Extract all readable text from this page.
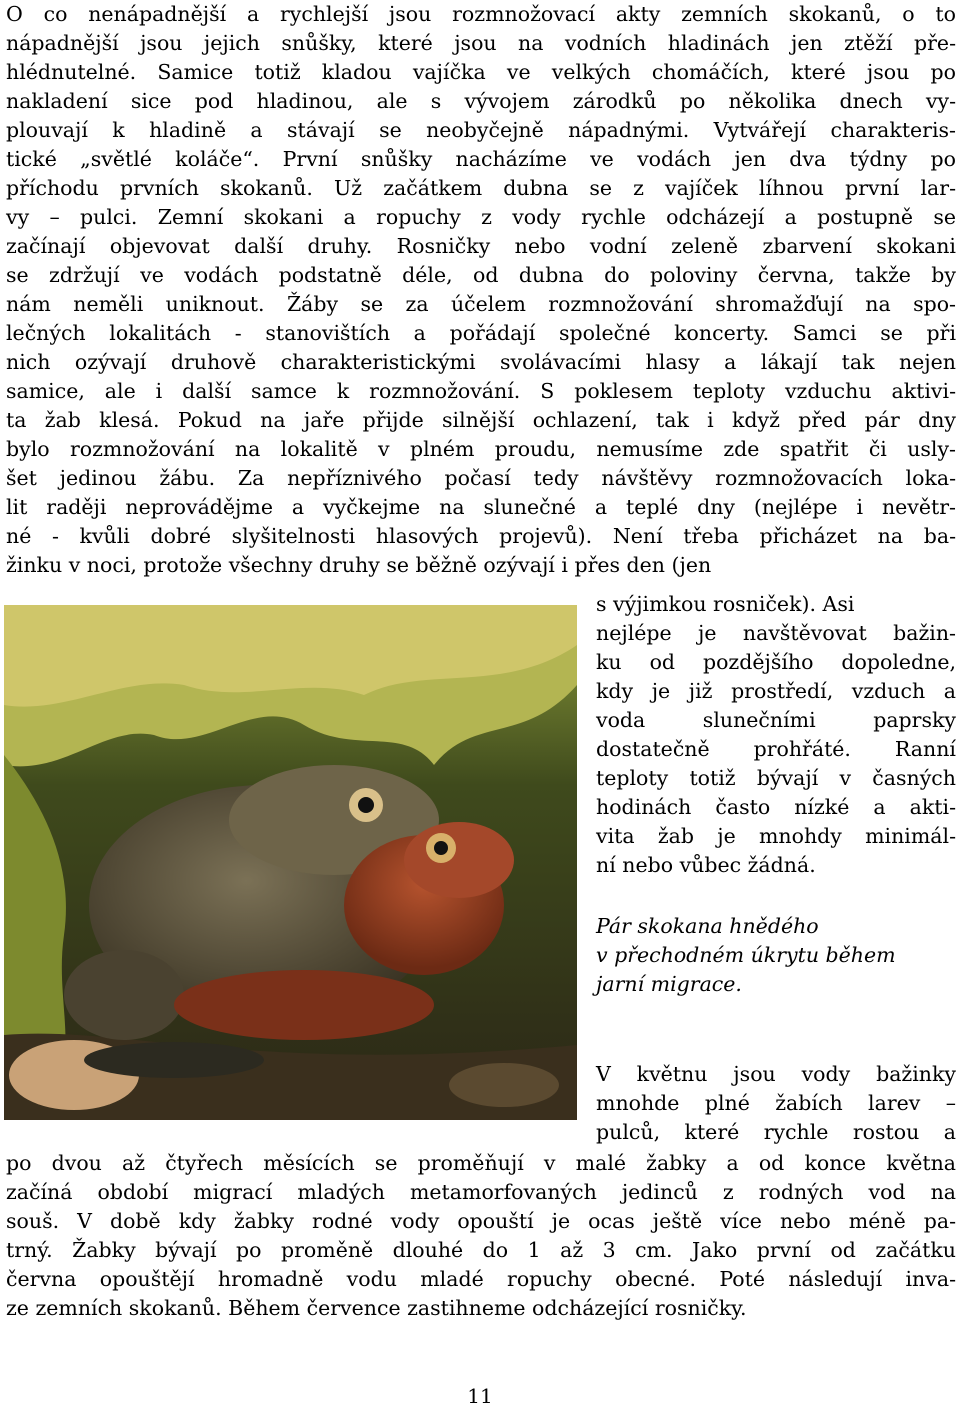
O co nenápadnější a rychlejší jsou rozmnožovací akty zemních skokanů, o to
nápadnější jsou jejich snůšky, které jsou na vodních hladinách jen ztěží pře-
hlédnutelné. Samice totiž kladou vajíčka ve velkých chomáčích, které jsou po
nakladení sice pod hladinou, ale s vývojem zárodků po několika dnech vy-
plouvají k hladině a stávají se neobyčejně nápadnými. Vytvářejí charakteris-
tické „světlé koláče“. První snůšky nacházíme ve vodách jen dva týdny po
příchodu prvních skokanů. Už začátkem dubna se z vajíček líhnou první lar-
vy – pulci. Zemní skokani a ropuchy z vody rychle odcházejí a postupně se
začínají objevovat další druhy. Rosničky nebo vodní zeleně zbarvení skokani
se zdržují ve vodách podstatně déle, od dubna do poloviny června, takže by
nám neměli uniknout. Žáby se za účelem rozmnožování shromažďují na spo-
lečných lokalitách - stanovištích a pořádají společné koncerty. Samci se při
nich ozývají druhově charakteristickými svolávacími hlasy a lákají tak nejen
samice, ale i další samce k rozmnožování. S poklesem teploty vzduchu aktivi-
ta žab klesá. Pokud na jaře přijde silnější ochlazení, tak i když před pár dny
bylo rozmnožování na lokalitě v plném proudu, nemusíme zde spatřit či usly-
šet jedinou žábu. Za nepříznivého počasí tedy návštěvy rozmnožovacích loka-
lit raději neprovádějme a vyčkejme na slunečné a teplé dny (nejlépe i nevětr-
né - kvůli dobré slyšitelnosti hlasových projevů). Není třeba přicházet na ba-
žinku v noci, protože všechny druhy se běžně ozývají i přes den (jen
s výjimkou rosniček). Asi
nejlépe je navštěvovat bažin-
ku od pozdějšího dopoledne,
kdy je již prostředí, vzduch a
voda slunečními paprsky
dostatečně prohřáté. Ranní
teploty totiž bývají v časných
hodinách často nízké a akti-
vita žab je mnohdy minimál-
ní nebo vůbec žádná.
Pár skokana hnědého
v přechodném úkrytu během
jarní migrace.
V květnu jsou vody bažinky
mnohde plné žabích larev –
pulců, které rychle rostou a
po dvou až čtyřech měsících se proměňují v malé žabky a od konce května
začíná období migrací mladých metamorfovaných jedinců z rodných vod na
souš. V době kdy žabky rodné vody opouští je ocas ještě více nebo méně pa-
trný. Žabky bývají po proměně dlouhé do 1 až 3 cm. Jako první od začátku
června opouštějí hromadně vodu mladé ropuchy obecné. Poté následují inva-
ze zemních skokanů. Během července zastihneme odcházející rosničky.
11
